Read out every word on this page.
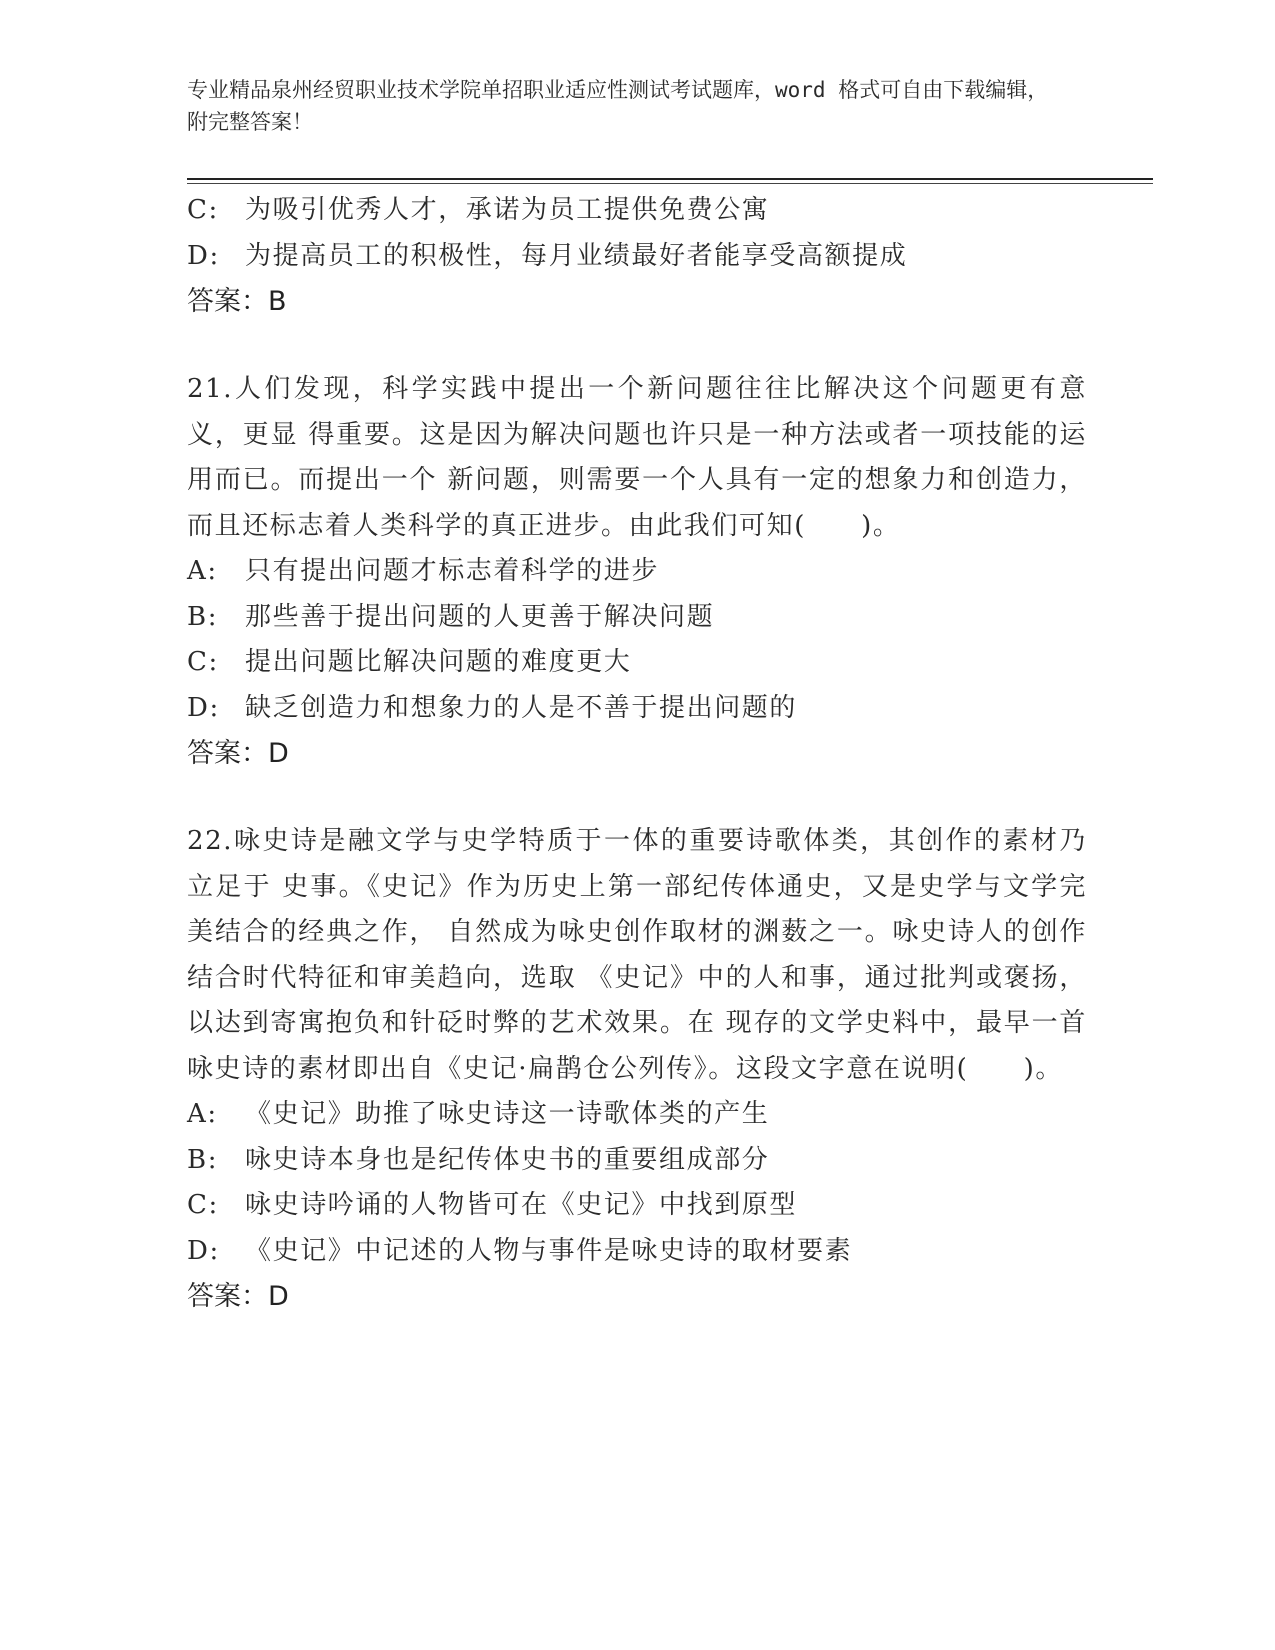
专业精品泉州经贸职业技术学院单招职业适应性测试考试题库，word 格式可自由下载编辑，附完整答案！
C: 为吸引优秀人才，承诺为员工提供免费公寓
D: 为提高员工的积极性，每月业绩最好者能享受高额提成
答案：B
21.人们发现，科学实践中提出一个新问题往往比解决这个问题更有意义，更显 得重要。这是因为解决问题也许只是一种方法或者一项技能的运用而已。而提出一个 新问题，则需要一个人具有一定的想象力和创造力，而且还标志着人类科学的真正进步。由此我们可知(　　)。
A: 只有提出问题才标志着科学的进步
B: 那些善于提出问题的人更善于解决问题
C: 提出问题比解决问题的难度更大
D: 缺乏创造力和想象力的人是不善于提出问题的
答案：D
22.咏史诗是融文学与史学特质于一体的重要诗歌体类，其创作的素材乃立足于 史事。《史记》作为历史上第一部纪传体通史，又是史学与文学完美结合的经典之作， 自然成为咏史创作取材的渊薮之一。咏史诗人的创作结合时代特征和审美趋向，选取 《史记》中的人和事，通过批判或褒扬，以达到寄寓抱负和针砭时弊的艺术效果。在 现存的文学史料中，最早一首咏史诗的素材即出自《史记·扁鹊仓公列传》。这段文字意在说明(　　)。
A: 《史记》助推了咏史诗这一诗歌体类的产生
B: 咏史诗本身也是纪传体史书的重要组成部分
C: 咏史诗吟诵的人物皆可在《史记》中找到原型
D: 《史记》中记述的人物与事件是咏史诗的取材要素
答案：D
